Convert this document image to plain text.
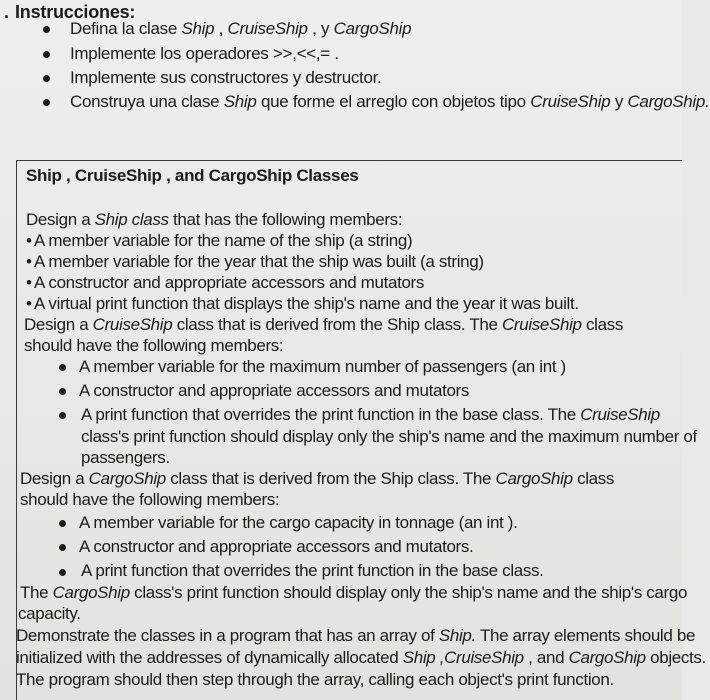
. Instrucciones:
Defina la clase Ship , CruiseShip , y CargoShip
Implemente los operadores >>,<<,= .
Implemente sus constructores y destructor.
Construya una clase Ship que forme el arreglo con objetos tipo CruiseShip y CargoShip.
Ship , CruiseShip , and CargoShip Classes
Design a Ship class that has the following members:
• A member variable for the name of the ship (a string)
• A member variable for the year that the ship was built (a string)
• A constructor and appropriate accessors and mutators
• A virtual print function that displays the ship's name and the year it was built.
Design a CruiseShip class that is derived from the Ship class. The CruiseShip class
should have the following members:
A member variable for the maximum number of passengers (an int )
A constructor and appropriate accessors and mutators
A print function that overrides the print function in the base class. The CruiseShip
class's print function should display only the ship's name and the maximum number of
passengers.
Design a CargoShip class that is derived from the Ship class. The CargoShip class
should have the following members:
A member variable for the cargo capacity in tonnage (an int ).
A constructor and appropriate accessors and mutators.
A print function that overrides the print function in the base class.
The CargoShip class's print function should display only the ship's name and the ship's cargo
capacity.
Demonstrate the classes in a program that has an array of Ship. The array elements should be
initialized with the addresses of dynamically allocated Ship ,CruiseShip , and CargoShip objects.
The program should then step through the array, calling each object's print function.
